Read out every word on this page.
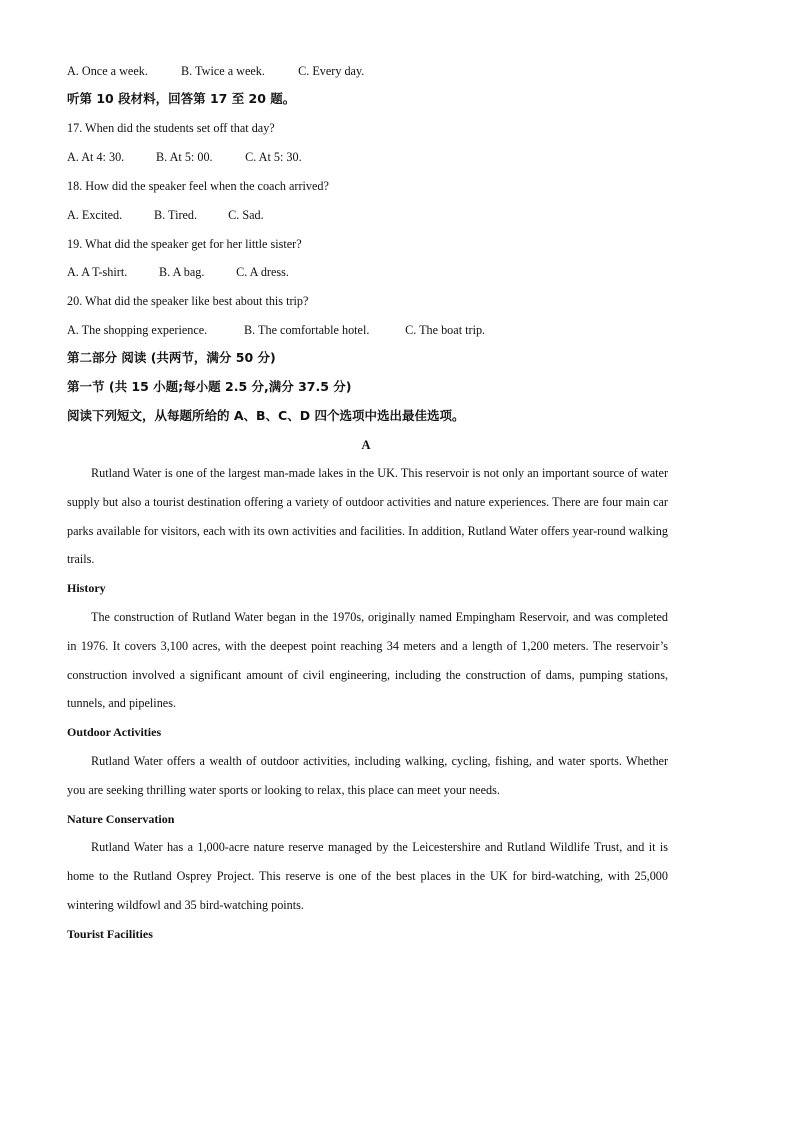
A. Once a week.	B. Twice a week.	C. Every day.
听第 10 段材料，回答第 17 至 20 题。
17. When did the students set off that day?
A. At 4: 30.	B. At 5: 00.	C. At 5: 30.
18. How did the speaker feel when the coach arrived?
A. Excited.	B. Tired.	C. Sad.
19. What did the speaker get for her little sister?
A. A T-shirt.	B. A bag.	C. A dress.
20. What did the speaker like best about this trip?
A. The shopping experience.	B. The comfortable hotel.	C. The boat trip.
第二部分 阅读 (共两节，满分 50 分)
第一节 (共 15 小题;每小题 2.5 分,满分 37.5 分)
阅读下列短文，从每题所给的 A、B、C、D 四个选项中选出最佳选项。
A

Rutland Water is one of the largest man-made lakes in the UK. This reservoir is not only an important source of water supply but also a tourist destination offering a variety of outdoor activities and nature experiences. There are four main car parks available for visitors, each with its own activities and facilities. In addition, Rutland Water offers year-round walking trails.

History

The construction of Rutland Water began in the 1970s, originally named Empingham Reservoir, and was completed in 1976. It covers 3,100 acres, with the deepest point reaching 34 meters and a length of 1,200 meters. The reservoir’s construction involved a significant amount of civil engineering, including the construction of dams, pumping stations, tunnels, and pipelines.

Outdoor Activities

Rutland Water offers a wealth of outdoor activities, including walking, cycling, fishing, and water sports. Whether you are seeking thrilling water sports or looking to relax, this place can meet your needs.

Nature Conservation

Rutland Water has a 1,000-acre nature reserve managed by the Leicestershire and Rutland Wildlife Trust, and it is home to the Rutland Osprey Project. This reserve is one of the best places in the UK for bird-watching, with 25,000 wintering wildfowl and 35 bird-watching points.

Tourist Facilities
